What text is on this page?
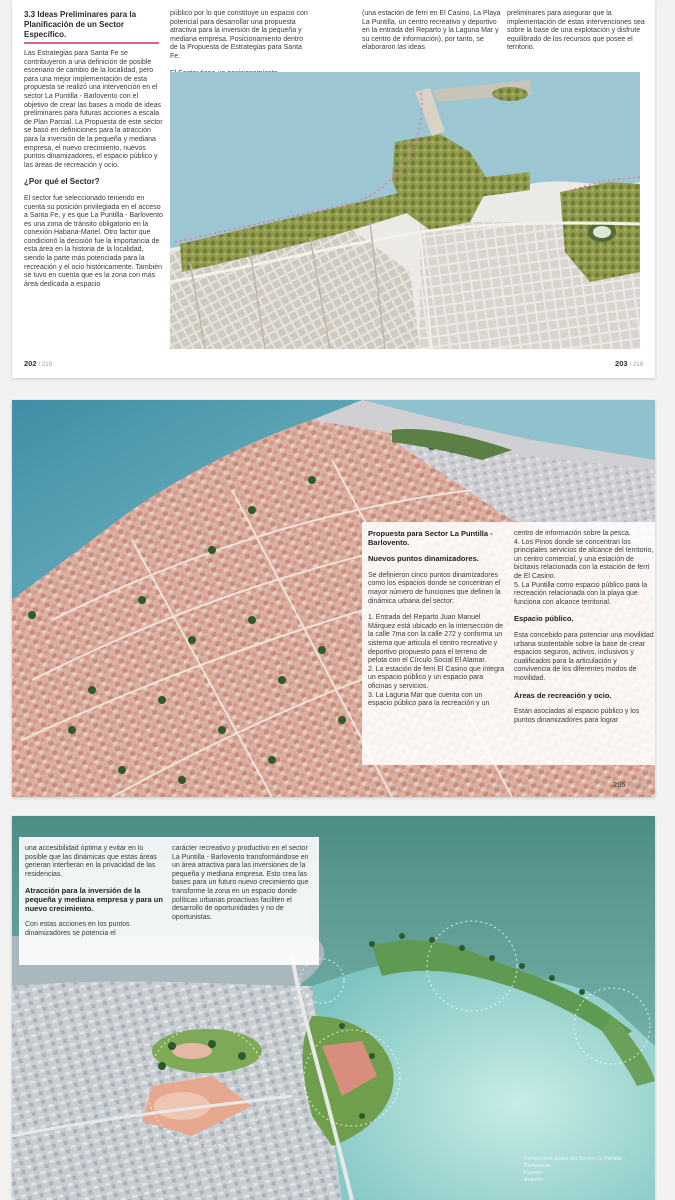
3.3 Ideas Preliminares para la
Planificación de un Sector Específico.

Las Estrategias para Santa Fe se contribuyeron a una definición de posible escenario de cambio de la localidad, pero para una mejor implementación de esta propuesta se realizó una intervención en el sector La Puntilla - Barlovento con el objetivo de crear las bases a modo de ideas preliminares para futuras acciones a escala de Plan Parcial. La Propuesta de este sector se basó en definiciones para la atracción para la inversión de la pequeña y mediana empresa, el nuevo crecimiento, nuevos puntos dinamizadores, el espacio público y las áreas de recreación y ocio.

¿Por qué el Sector?

El sector fue seleccionado teniendo en cuenta su posición privilegiada en el acceso a Santa Fe, y es que La Puntilla - Barlovento es una zona de tránsito obligatorio en la conexión Habana-Mariel. Otro factor que condicionó la decisión fue la importancia de esta área en la historia de la localidad, siendo la parte más potenciada para la recreación y el ocio históricamente. También se tuvo en cuenta que es la zona con más área dedicada a espacio

público por lo que constituye un espacio con potencial para desarrollar una propuesta atractiva para la inversión de la pequeña y mediana empresa. Posicionamiento dentro de la Propuesta de Estrategias para Santa Fe.

(una estación de ferri en El Casino, La Playa La Puntilla, un centro recreativo y deportivo en la entrada del Reparto y la Laguna Mar y su centro de información), por tanto, se elaboraron las ideas

preliminares para asegurar que la implementación de estas intervenciones sea sobre la base de una explotación y disfrute equilibrado de los recursos que posee el territorio.

202 / 219	203 / 219

Propuesta para Sector La Puntilla - Barlovento.

Nuevos puntos dinamizadores.

Se definieron cinco puntos dinamizadores como los espacios donde se concentran el mayor número de funciones que definen la dinámica urbana del sector:

1. Entrada del Reparto Juan Manuel Márquez está ubicado en la intersección de la calle 7ma con la calle 272 y conforma un sistema que articula el centro recreativo y deportivo propuesto para el terreno de pelota con el Círculo Social El Alamar.

2. La estación de ferri El Casino que integra un espacio público y un espacio para oficinas y servicios.

3. La Laguna Mar que cuenta con un espacio público para la recreación y un

centro de información sobre la pesca.

4. Los Pinos donde se concentran los principales servicios de alcance del territorio, un centro comercial, y una estación de bicitaxis relacionada con la estación de ferri de El Casino.

5. La Puntilla como espacio público para la recreación relacionada con la playa que funciona con alcance territorial.

Espacio público.

Esta concebido para potenciar una movilidad urbana sustentable sobre la base de crear espacios seguros, activos, inclusivos y cualificados para la articulación y convivencia de los diferentes modos de movilidad.

Áreas de recreación y ocio.

Están asociadas al espacio público y los puntos dinamizadores para lograr

205 / 219

una accesibilidad óptima y evitar en lo posible que las dinámicas que estas áreas generan interfieran en la privacidad de las residencias.

Atracción para la inversión de la pequeña y mediana empresa y para un nuevo crecimiento.

Con estas acciones en los puntos dinamizadores se potencia el

carácter recreativo y productivo en el sector La Puntilla - Barlovento transformándose en un área atractiva para las inversiones de la pequeña y mediana empresa. Esto crea las bases para un futuro nuevo crecimiento que transforme la zona en un espacio donde políticas urbanas proactivas faciliten el desarrollo de oportunidades y no de oportunistas.

Perspectiva aérea del Sector La Puntilla - Barlovento.
Fuente:
Autores
